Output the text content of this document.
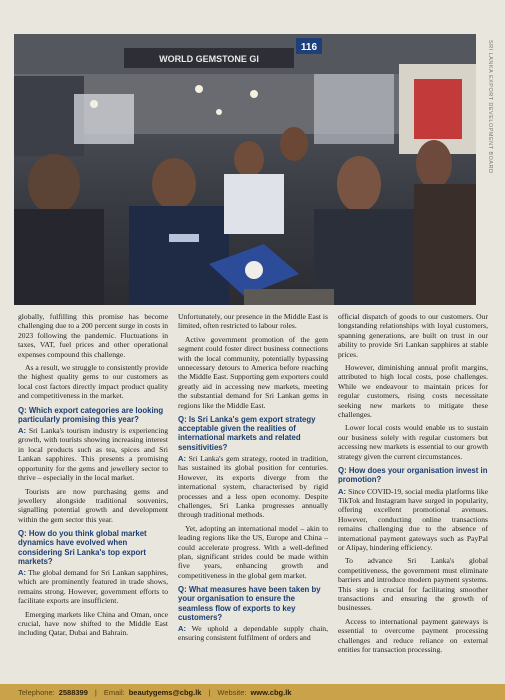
WORLD GEMSTONE GI
116	SRI LANKA EXPORT DEVELOPMENT BOARD

globally, fulfilling this promise has become challenging due to a 200 percent surge in costs in 2023 following the pandemic. Fluctuations in taxes, VAT, fuel prices and other operational expenses compound this challenge.

As a result, we struggle to consistently provide the highest quality gems to our customers as local cost factors directly impact product quality and competitiveness in the market.

Q: Which export categories are looking particularly promising this year?

A: Sri Lanka's tourism industry is experiencing growth, with tourists showing increasing interest in local products such as tea, spices and Sri Lankan sapphires. This presents a promising opportunity for the gems and jewellery sector to thrive – especially in the local market.

Tourists are now purchasing gems and jewellery alongside traditional souvenirs, signalling potential growth and development within the gem sector this year.

Q: How do you think global market dynamics have evolved when considering Sri Lanka's top export markets?

A: The global demand for Sri Lankan sapphires, which are prominently featured in trade shows, remains strong. However, government efforts to facilitate exports are insufficient.

Emerging markets like China and Oman, once crucial, have now shifted to the Middle East including Qatar, Dubai and Bahrain.

Unfortunately, our presence in the Middle East is limited, often restricted to labour roles.

Active government promotion of the gem segment could foster direct business connections with the local community, potentially bypassing unnecessary detours to America before reaching the Middle East. Supporting gem exporters could greatly aid in accessing new markets, meeting the substantial demand for Sri Lankan gems in regions like the Middle East.

Q: Is Sri Lanka's gem export strategy acceptable given the realities of international markets and related sensitivities?

A: Sri Lanka's gem strategy, rooted in tradition, has sustained its global position for centuries. However, its exports diverge from the international system, characterised by rigid processes and a less open economy. Despite challenges, Sri Lanka progresses annually through traditional methods.

Yet, adopting an international model – akin to leading regions like the US, Europe and China – could accelerate progress. With a well-defined plan, significant strides could be made within five years, enhancing growth and competitiveness in the global gem market.

Q: What measures have been taken by your organisation to ensure the seamless flow of exports to key customers?

A: We uphold a dependable supply chain, ensuring consistent fulfilment of orders and

official dispatch of goods to our customers. Our longstanding relationships with loyal customers, spanning generations, are built on trust in our ability to provide Sri Lankan sapphires at stable prices.

However, diminishing annual profit margins, attributed to high local costs, pose challenges. While we endeavour to maintain prices for regular customers, rising costs necessitate seeking new markets to mitigate these challenges.

Lower local costs would enable us to sustain our business solely with regular customers but accessing new markets is essential to our growth strategy given the current circumstances.

Q: How does your organisation invest in promotion?

A: Since COVID-19, social media platforms like TikTok and Instagram have surged in popularity, offering excellent promotional avenues. However, conducting online transactions remains challenging due to the absence of international payment gateways such as PayPal or Alipay, hindering efficiency.

To advance Sri Lanka's global competitiveness, the government must eliminate barriers and introduce modern payment systems. This step is crucial for facilitating smoother transactions and ensuring the growth of businesses.

Access to international payment gateways is essential to overcome payment processing challenges and reduce reliance on external entities for transaction processing.

Telephone: 2588399 | Email: beautygems@cbg.lk | Website: www.cbg.lk
